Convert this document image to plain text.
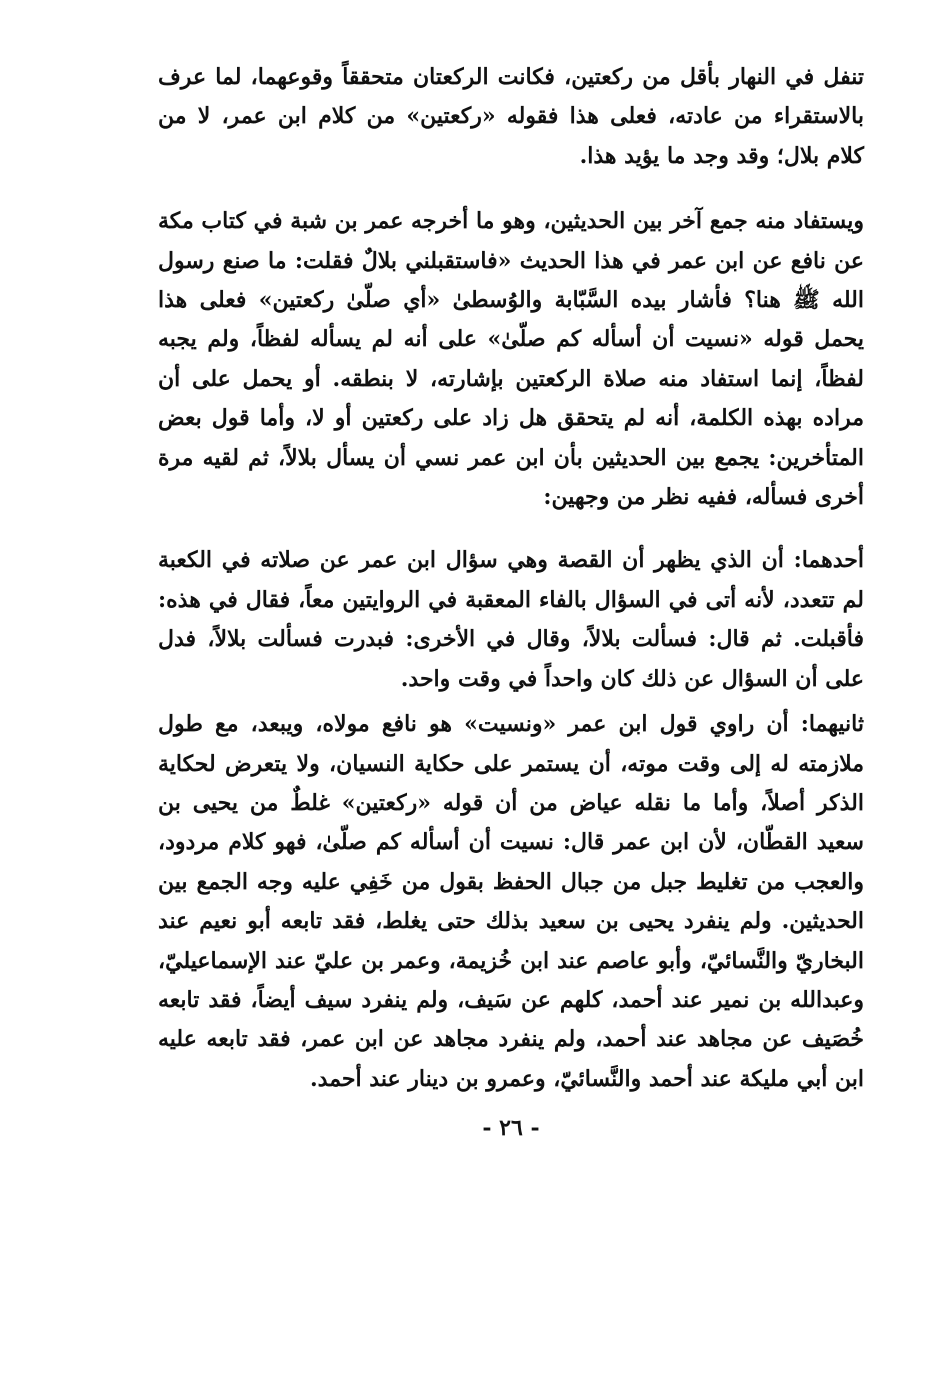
تنفل في النهار بأقل من ركعتين، فكانت الركعتان متحققاً وقوعهما، لما عرف بالاستقراء من عادته، فعلى هذا فقوله «ركعتين» من كلام ابن عمر، لا من كلام بلال؛ وقد وجد ما يؤيد هذا.

ويستفاد منه جمع آخر بين الحديثين، وهو ما أخرجه عمر بن شبة في كتاب مكة عن نافع عن ابن عمر في هذا الحديث «فاستقبلني بلالٌ فقلت: ما صنع رسول الله ﷺ هنا؟ فأشار بيده السَّبّابة والوُسطىٰ «أي صلّىٰ ركعتين» فعلى هذا يحمل قوله «نسيت أن أسأله كم صلّىٰ» على أنه لم يسأله لفظاً، ولم يجبه لفظاً، إنما استفاد منه صلاة الركعتين بإشارته، لا بنطقه. أو يحمل على أن مراده بهذه الكلمة، أنه لم يتحقق هل زاد على ركعتين أو لا، وأما قول بعض المتأخرين: يجمع بين الحديثين بأن ابن عمر نسي أن يسأل بلالاً، ثم لقيه مرة أخرى فسأله، ففيه نظر من وجهين:

أحدهما: أن الذي يظهر أن القصة وهي سؤال ابن عمر عن صلاته في الكعبة لم تتعدد، لأنه أتى في السؤال بالفاء المعقبة في الروايتين معاً، فقال في هذه: فأقبلت. ثم قال: فسألت بلالاً، وقال في الأخرى: فبدرت فسألت بلالاً، فدل على أن السؤال عن ذلك كان واحداً في وقت واحد.

ثانيهما: أن راوي قول ابن عمر «ونسيت» هو نافع مولاه، ويبعد، مع طول ملازمته له إلى وقت موته، أن يستمر على حكاية النسيان، ولا يتعرض لحكاية الذكر أصلاً، وأما ما نقله عياض من أن قوله «ركعتين» غلطٌ من يحيى بن سعيد القطّان، لأن ابن عمر قال: نسيت أن أسأله كم صلّىٰ، فهو كلام مردود، والعجب من تغليط جبل من جبال الحفظ بقول من خَفِي عليه وجه الجمع بين الحديثين. ولم ينفرد يحيى بن سعيد بذلك حتى يغلط، فقد تابعه أبو نعيم عند البخاريّ والنَّسائيّ، وأبو عاصم عند ابن خُزيمة، وعمر بن عليّ عند الإسماعيليّ، وعبدالله بن نمير عند أحمد، كلهم عن سَيف، ولم ينفرد سيف أيضاً، فقد تابعه خُصَيف عن مجاهد عند أحمد، ولم ينفرد مجاهد عن ابن عمر، فقد تابعه عليه ابن أبي مليكة عند أحمد والنَّسائيّ، وعمرو بن دينار عند أحمد.

- ٢٦ -
